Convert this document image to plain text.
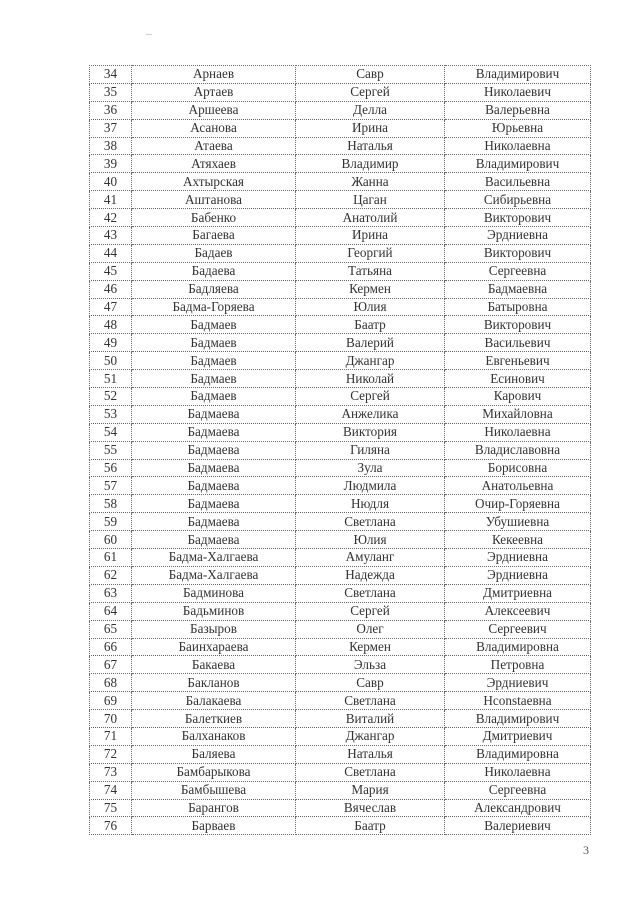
34	Арнаев	Савр	Владимирович
35	Артаев	Сергей	Николаевич
36	Аршеева	Делла	Валерьевна
37	Асанова	Ирина	Юрьевна
38	Атаева	Наталья	Николаевна
39	Атяхаев	Владимир	Владимирович
40	Ахтырская	Жанна	Васильевна
41	Аштанова	Цаган	Сибирьевна
42	Бабенко	Анатолий	Викторович
43	Багаева	Ирина	Эрдниевна
44	Бадаев	Георгий	Викторович
45	Бадаева	Татьяна	Сергеевна
46	Бадляева	Кермен	Бадмаевна
47	Бадма-Горяева	Юлия	Батыровна
48	Бадмаев	Баатр	Викторович
49	Бадмаев	Валерий	Васильевич
50	Бадмаев	Джангар	Евгеньевич
51	Бадмаев	Николай	Есинович
52	Бадмаев	Сергей	Карович
53	Бадмаева	Анжелика	Михайловна
54	Бадмаева	Виктория	Николаевна
55	Бадмаева	Гиляна	Владиславовна
56	Бадмаева	Зула	Борисовна
57	Бадмаева	Людмила	Анатольевна
58	Бадмаева	Нюдля	Очир-Горяевна
59	Бадмаева	Светлана	Убушиевна
60	Бадмаева	Юлия	Кекеевна
61	Бадма-Халгаева	Амуланг	Эрдниевна
62	Бадма-Халгаева	Надежда	Эрдниевна
63	Бадминова	Светлана	Дмитриевна
64	Бадьминов	Сергей	Алексеевич
65	Базыров	Олег	Сергеевич
66	Баинхараева	Кермен	Владимировна
67	Бакаева	Эльза	Петровна
68	Бакланов	Савр	Эрдниевич
69	Балакаева	Светлана	Нconstаевна
70	Балеткиев	Виталий	Владимирович
71	Балханаков	Джангар	Дмитриевич
72	Баляева	Наталья	Владимировна
73	Бамбарыкова	Светлана	Николаевна
74	Бамбышева	Мария	Сергеевна
75	Барангов	Вячеслав	Александрович
76	Барваев	Баатр	Валериевич
3
